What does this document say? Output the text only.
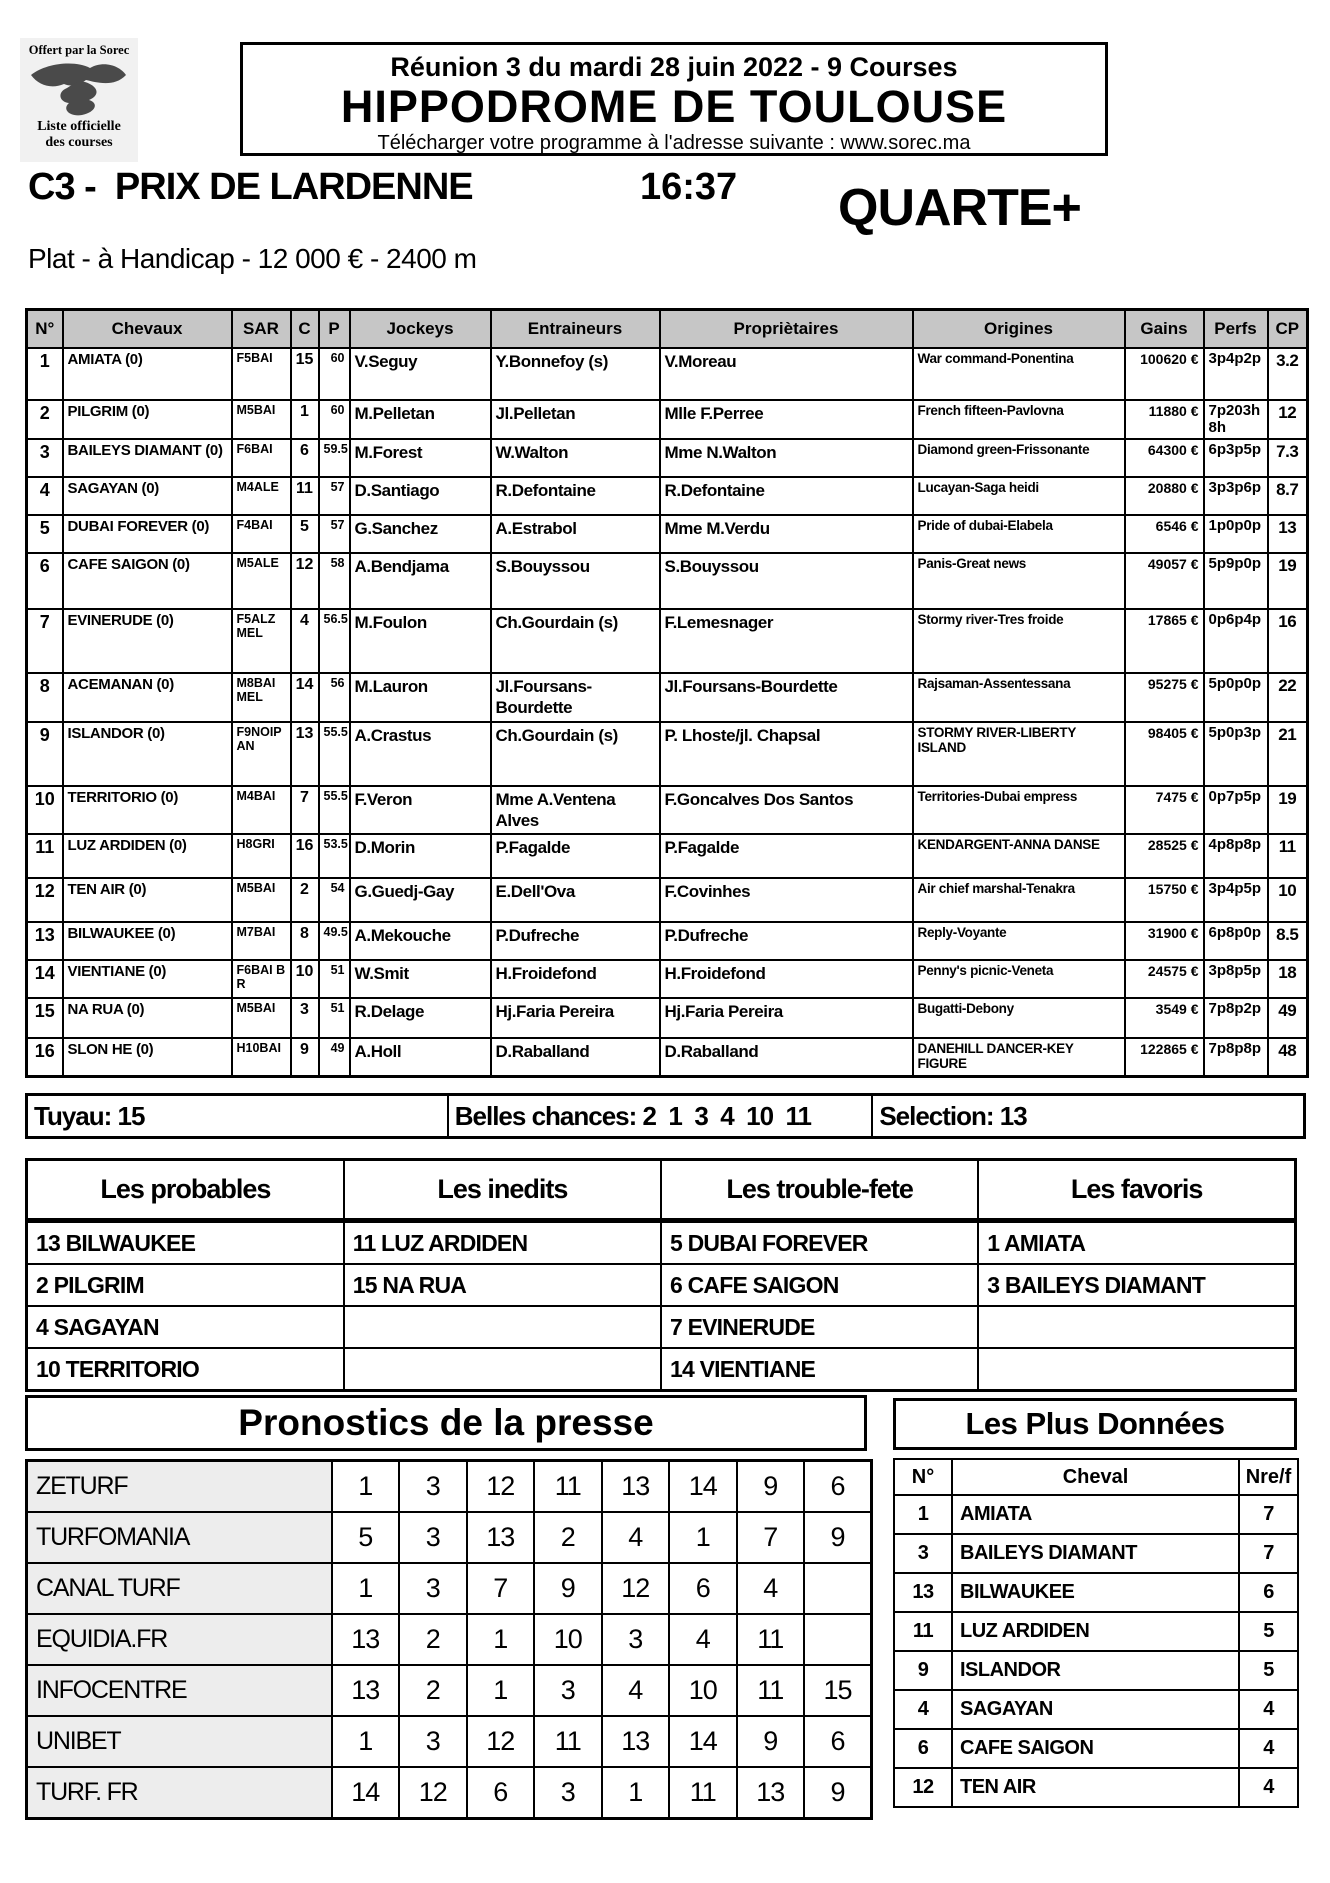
Offert par la Sorec
Liste officielle
des courses
Réunion 3 du mardi 28 juin 2022 - 9 Courses
HIPPODROME DE TOULOUSE
Télécharger votre programme à l'adresse suivante : www.sorec.ma
C3 -  PRIX DE LARDENNE	16:37 QUARTE+
Plat - à Handicap - 12 000 € - 2400 m
N°	Chevaux	SAR	C	P	Jockeys	Entraineurs	Propriètaires	Origines	Gains	Perfs	CP
1	AMIATA (0)	F5BAI	15	60	V.Seguy	Y.Bonnefoy (s)	V.Moreau	War command-Ponentina	100620 €	3p4p2p	3.2
2	PILGRIM (0)	M5BAI	1	60	M.Pelletan	Jl.Pelletan	Mlle F.Perree	French fifteen-Pavlovna	11880 €	7p203h8h	12
3	BAILEYS DIAMANT (0)	F6BAI	6	59.5	M.Forest	W.Walton	Mme N.Walton	Diamond green-Frissonante	64300 €	6p3p5p	7.3
4	SAGAYAN (0)	M4ALE	11	57	D.Santiago	R.Defontaine	R.Defontaine	Lucayan-Saga heidi	20880 €	3p3p6p	8.7
5	DUBAI FOREVER (0)	F4BAI	5	57	G.Sanchez	A.Estrabol	Mme M.Verdu	Pride of dubai-Elabela	6546 €	1p0p0p	13
6	CAFE SAIGON (0)	M5ALE	12	58	A.Bendjama	S.Bouyssou	S.Bouyssou	Panis-Great news	49057 €	5p9p0p	19
7	EVINERUDE (0)	F5ALZMEL	4	56.5	M.Foulon	Ch.Gourdain (s)	F.Lemesnager	Stormy river-Tres froide	17865 €	0p6p4p	16
8	ACEMANAN (0)	M8BAIMEL	14	56	M.Lauron	Jl.Foursans-Bourdette	Jl.Foursans-Bourdette	Rajsaman-Assentessana	95275 €	5p0p0p	22
9	ISLANDOR (0)	F9NOIPAN	13	55.5	A.Crastus	Ch.Gourdain (s)	P. Lhoste/jl. Chapsal	STORMY RIVER-LIBERTY ISLAND	98405 €	5p0p3p	21
10	TERRITORIO (0)	M4BAI	7	55.5	F.Veron	Mme A.Ventena Alves	F.Goncalves Dos Santos	Territories-Dubai empress	7475 €	0p7p5p	19
11	LUZ ARDIDEN (0)	H8GRI	16	53.5	D.Morin	P.Fagalde	P.Fagalde	KENDARGENT-ANNA DANSE	28525 €	4p8p8p	11
12	TEN AIR (0)	M5BAI	2	54	G.Guedj-Gay	E.Dell'Ova	F.Covinhes	Air chief marshal-Tenakra	15750 €	3p4p5p	10
13	BILWAUKEE (0)	M7BAI	8	49.5	A.Mekouche	P.Dufreche	P.Dufreche	Reply-Voyante	31900 €	6p8p0p	8.5
14	VIENTIANE (0)	F6BAI BR	10	51	W.Smit	H.Froidefond	H.Froidefond	Penny's picnic-Veneta	24575 €	3p8p5p	18
15	NA RUA (0)	M5BAI	3	51	R.Delage	Hj.Faria Pereira	Hj.Faria Pereira	Bugatti-Debony	3549 €	7p8p2p	49
16	SLON HE (0)	H10BAI	9	49	A.Holl	D.Raballand	D.Raballand	DANEHILL DANCER-KEY FIGURE	122865 €	7p8p8p	48
Tuyau: 15	Belles chances: 2  1  3  4  10  11	Selection: 13
Les probables	Les inedits	Les trouble-fete	Les favoris
13 BILWAUKEE	11 LUZ ARDIDEN	5 DUBAI FOREVER	1 AMIATA
2 PILGRIM	15 NA RUA	6 CAFE SAIGON	3 BAILEYS DIAMANT
4 SAGAYAN		7 EVINERUDE	
10 TERRITORIO		14 VIENTIANE	
Pronostics de la presse
ZETURF	1	3	12	11	13	14	9	6
TURFOMANIA	5	3	13	2	4	1	7	9
CANAL TURF	1	3	7	9	12	6	4	
EQUIDIA.FR	13	2	1	10	3	4	11	
INFOCENTRE	13	2	1	3	4	10	11	15
UNIBET	1	3	12	11	13	14	9	6
TURF. FR	14	12	6	3	1	11	13	9
Les Plus Données
N°	Cheval	Nre/f
1	AMIATA	7
3	BAILEYS DIAMANT	7
13	BILWAUKEE	6
11	LUZ ARDIDEN	5
9	ISLANDOR	5
4	SAGAYAN	4
6	CAFE SAIGON	4
12	TEN AIR	4
